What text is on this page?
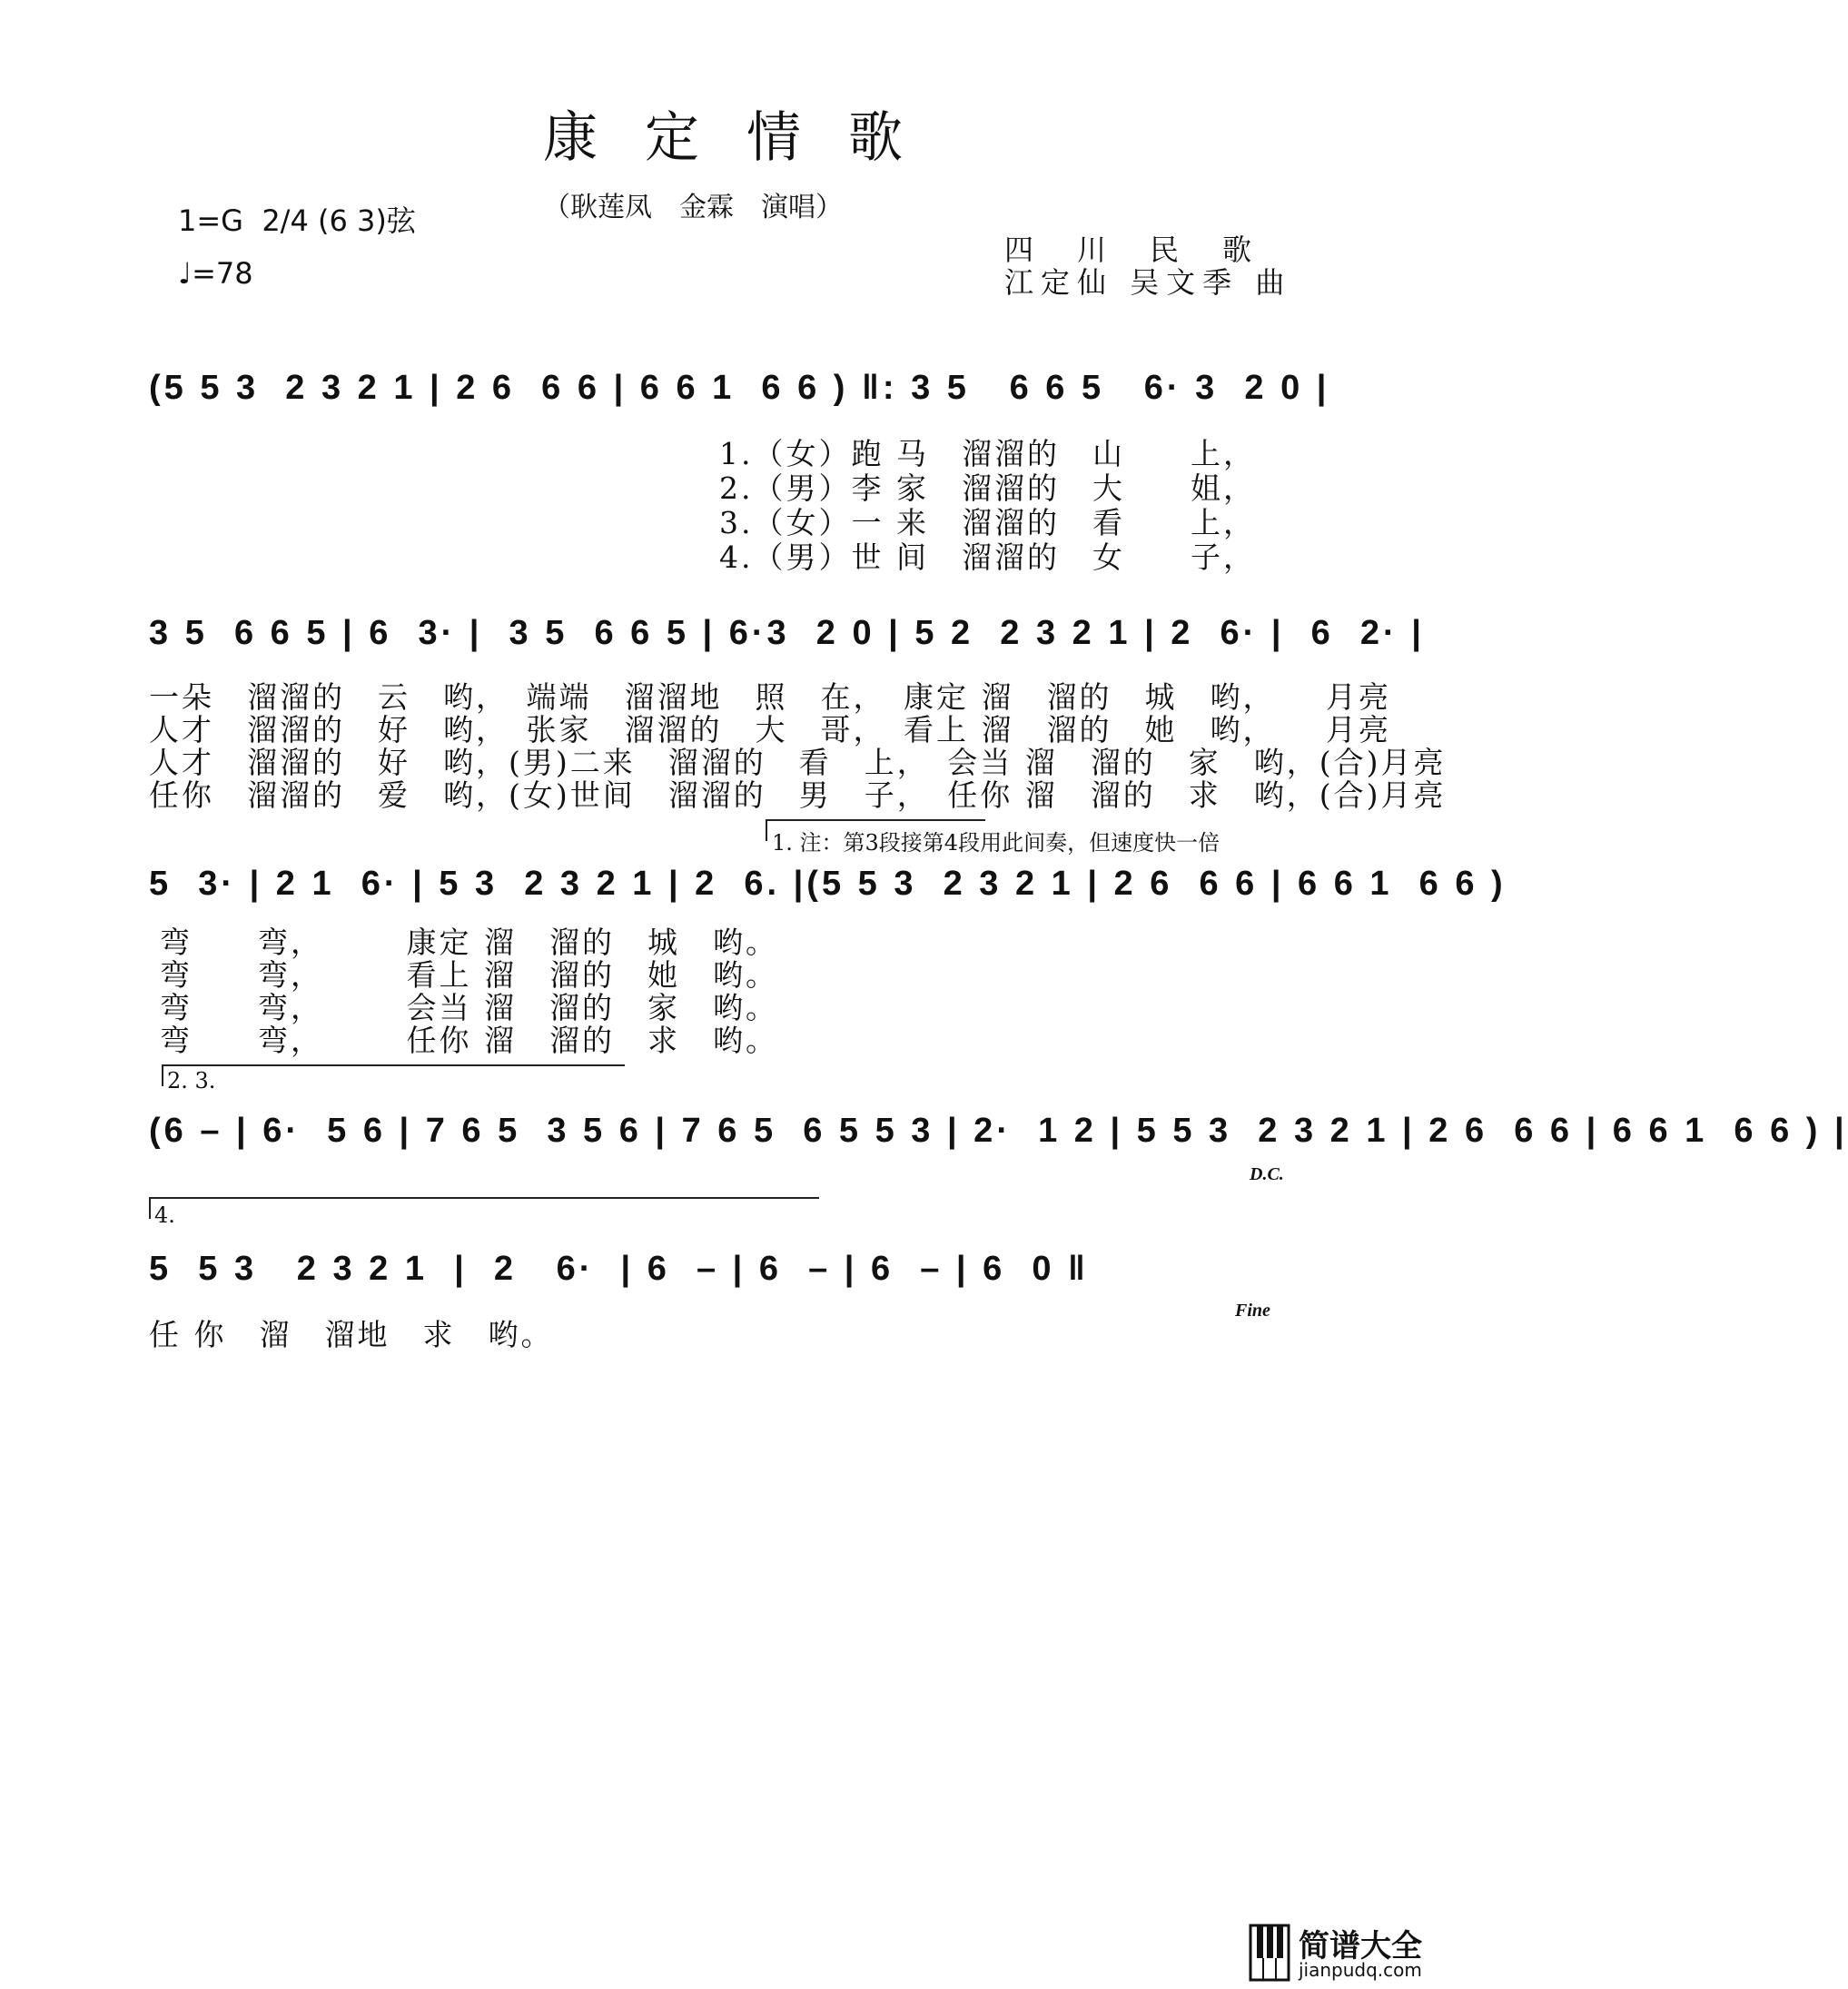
康定情歌
（耿莲凤　金霖　演唱）
1=G  2/4 (6 3)弦
♩=78
四　川　民　歌
江定仙 吴文季 曲
(5 5 3  2 3 2 1 | 2 6  6 6 | 6 6 1  6 6 ) ‖: 3 5   6 6 5   6· 3  2 0 |
1.（女）跑 马　溜溜的　山　　上，
2.（男）李 家　溜溜的　大　　姐，
3.（女）一 来　溜溜的　看　　上，
4.（男）世 间　溜溜的　女　　子，
3 5  6 6 5 | 6  3· |  3 5  6 6 5 | 6·3  2 0 | 5 2  2 3 2 1 | 2  6· |  6  2· |
一朵　溜溜的　云　哟，　端端　溜溜地　照　在，　康定 溜　溜的　城　哟，　　月亮
人才　溜溜的　好　哟，　张家　溜溜的　大　哥，　看上 溜　溜的　她　哟，　　月亮
人才　溜溜的　好　哟，(男)二来　溜溜的　看　上，　会当 溜　溜的　家　哟，(合)月亮
任你　溜溜的　爱　哟，(女)世间　溜溜的　男　子，　任你 溜　溜的　求　哟，(合)月亮
1. 注：第3段接第4段用此间奏，但速度快一倍
5  3· | 2 1  6· | 5 3  2 3 2 1 | 2  6. |(5 5 3  2 3 2 1 | 2 6  6 6 | 6 6 1  6 6 )
弯　　弯，　　　康定 溜　溜的　城　哟。
弯　　弯，　　　看上 溜　溜的　她　哟。
弯　　弯，　　　会当 溜　溜的　家　哟。
弯　　弯，　　　任你 溜　溜的　求　哟。
2. 3.
(6 – | 6·  5 6 | 7 6 5  3 5 6 | 7 6 5  6 5 5 3 | 2·  1 2 | 5 5 3  2 3 2 1 | 2 6  6 6 | 6 6 1  6 6 ) |
D.C.
4.
5  5 3   2 3 2 1  |  2   6·  | 6  – | 6  – | 6  – | 6  0 ‖
Fine
任 你　溜　溜地　求　哟。
简谱大全
jianpudq.com
